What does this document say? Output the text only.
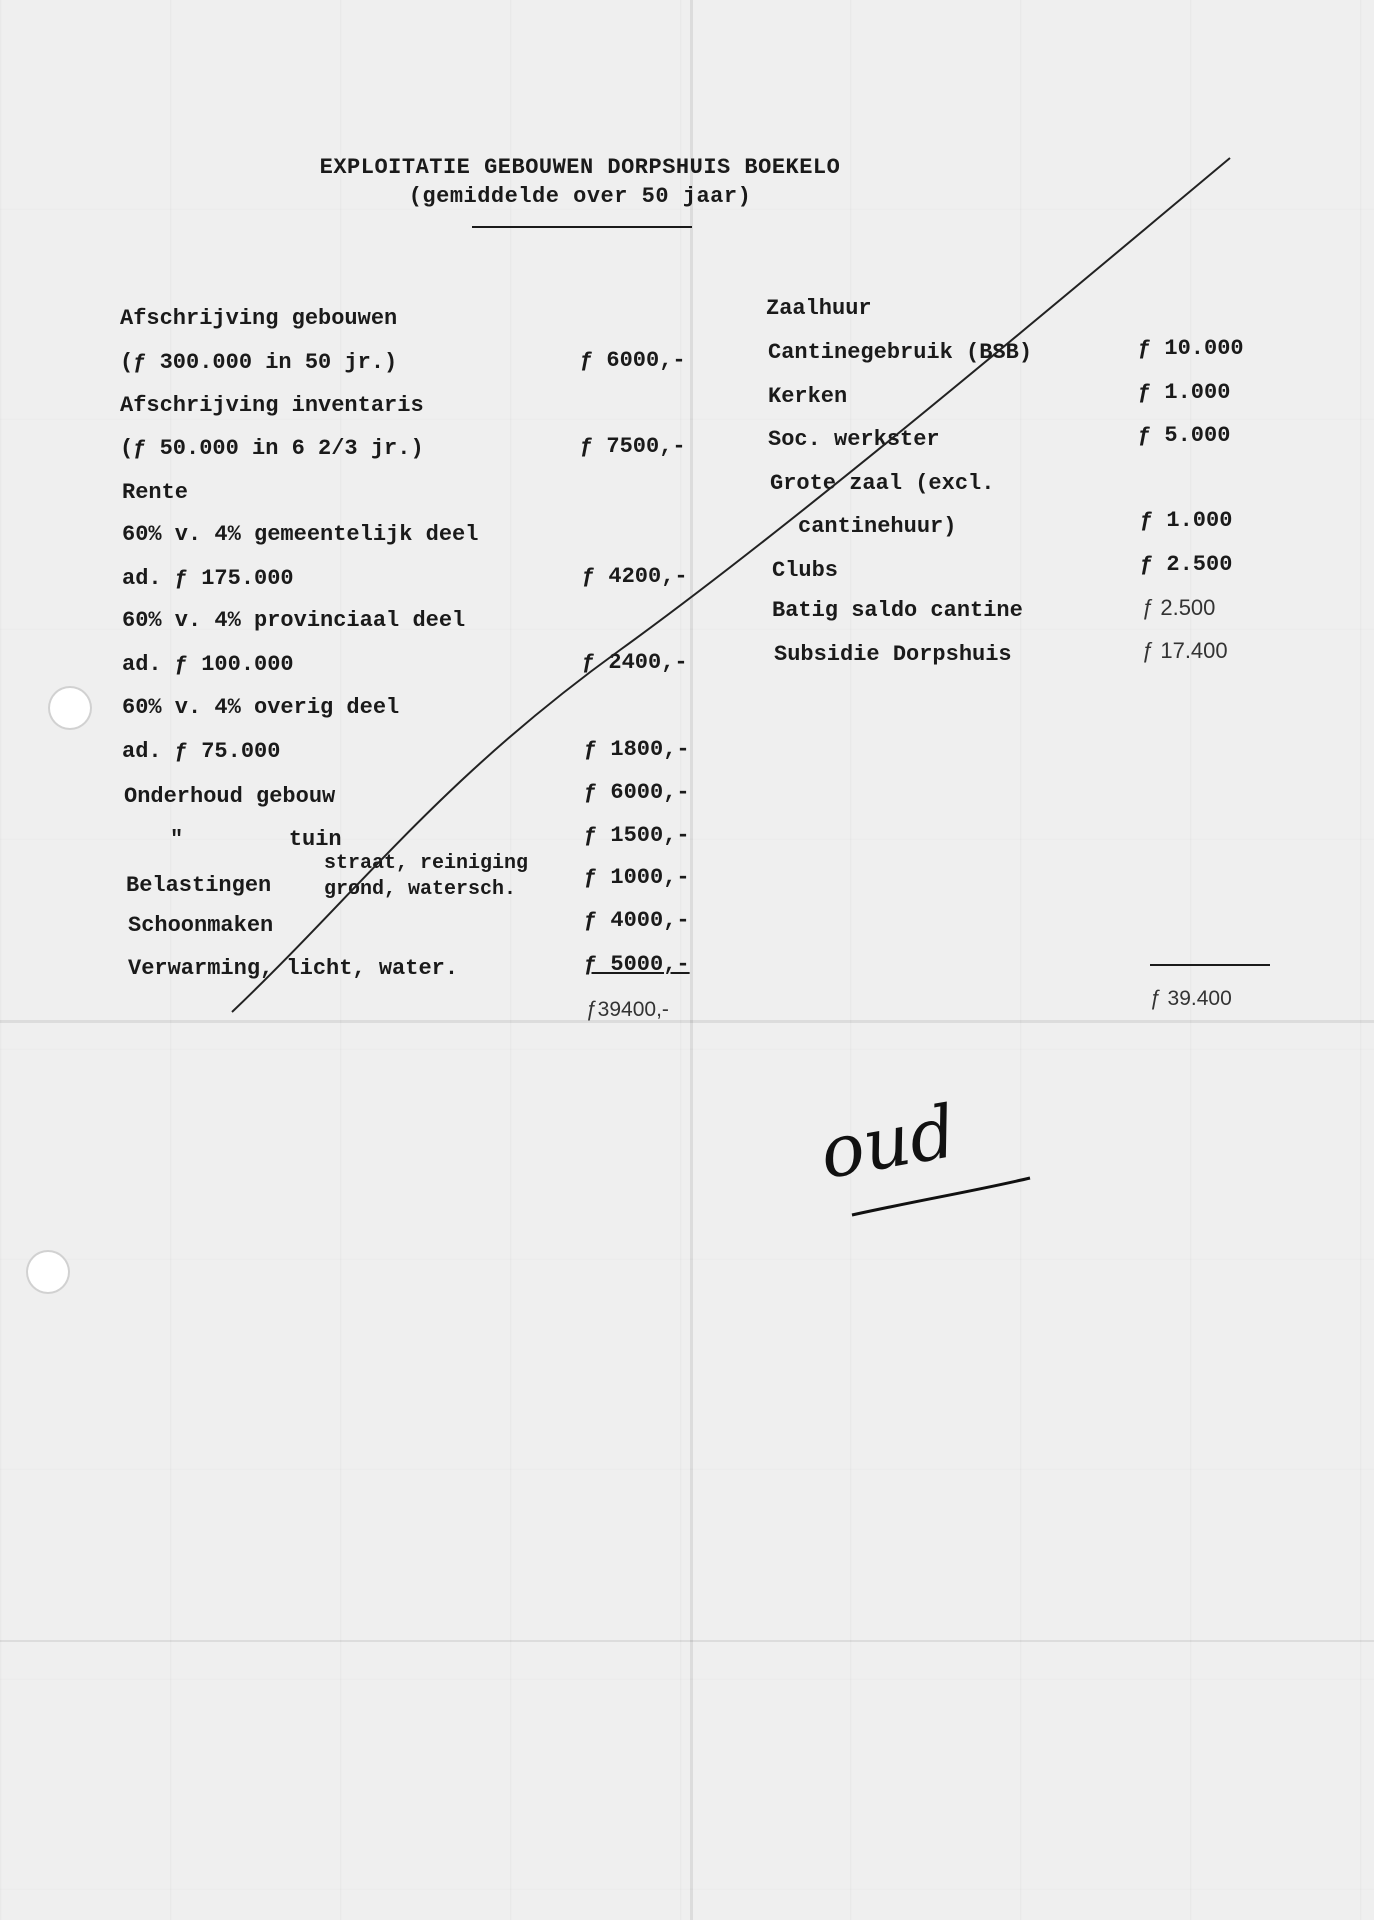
EXPLOITATIE GEBOUWEN DORPSHUIS BOEKELO
(gemiddelde over 50 jaar)
Afschrijving gebouwen
(ƒ 300.000 in 50 jr.)	ƒ 6000,-
Afschrijving inventaris
(ƒ 50.000 in 6 2/3 jr.)	ƒ 7500,-
Rente
60% v. 4% gemeentelijk deel
ad. ƒ 175.000	ƒ 4200,-
60% v. 4% provinciaal deel
ad. ƒ 100.000	ƒ 2400,-
60% v. 4% overig deel
ad. ƒ 75.000	ƒ 1800,-
Onderhoud gebouw	ƒ 6000,-
"        tuin	ƒ 1500,-
Belastingen
straat, reiniging
grond, watersch.	ƒ 1000,-
Schoonmaken	ƒ 4000,-
Verwarming, licht, water.	ƒ 5000,-
ƒ39400,-
Zaalhuur
Cantinegebruik (BSB)	ƒ 10.000
Kerken	ƒ 1.000
Soc. werkster	ƒ 5.000
Grote zaal (excl.
cantinehuur)	ƒ 1.000
Clubs	ƒ 2.500
Batig saldo cantine	ƒ 2.500
Subsidie Dorpshuis	ƒ 17.400
ƒ 39.400
oud
